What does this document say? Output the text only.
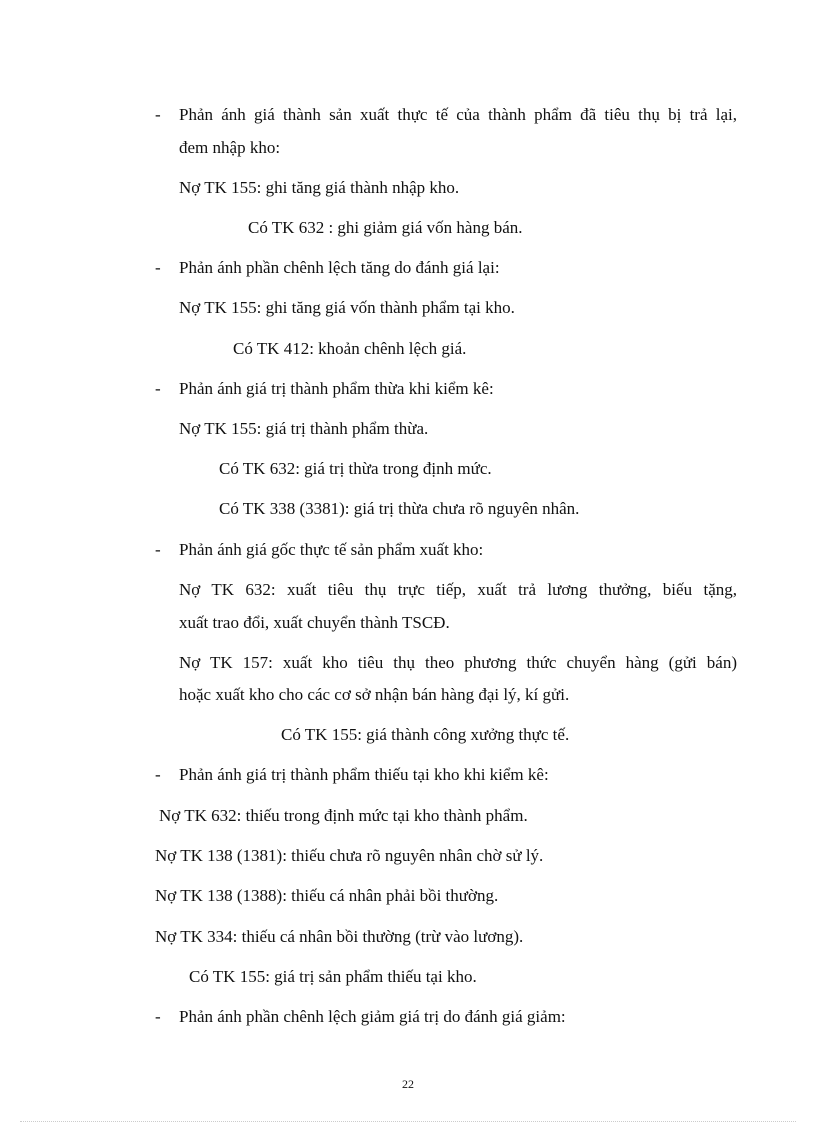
- Phản ánh giá thành sản xuất thực tế của thành phẩm đã tiêu thụ bị trả lại,
đem nhập kho:
Nợ TK 155: ghi tăng giá thành nhập kho.
Có TK 632 : ghi giảm giá vốn hàng bán.
- Phản ánh phần chênh lệch tăng do đánh giá lại:
Nợ TK 155: ghi tăng giá vốn thành phẩm tại kho.
Có TK 412: khoản chênh lệch giá.
- Phản ánh giá trị thành phẩm thừa khi kiểm kê:
Nợ TK 155: giá trị thành phẩm thừa.
Có TK 632: giá trị thừa trong định mức.
Có TK 338 (3381): giá trị thừa chưa rõ nguyên nhân.
- Phản ánh giá gốc thực tế sản phẩm xuất kho:
Nợ TK 632: xuất tiêu thụ trực tiếp, xuất trả lương thưởng, biếu tặng,
xuất trao đổi, xuất chuyển thành TSCĐ.
Nợ TK 157: xuất kho tiêu thụ theo phương thức chuyển hàng (gửi bán)
hoặc xuất kho cho các cơ sở nhận bán hàng đại lý, kí gửi.
Có TK 155: giá thành công xưởng thực tế.
- Phản ánh giá trị thành phẩm thiếu tại kho khi kiểm kê:
Nợ TK 632: thiếu trong định mức tại kho thành phẩm.
Nợ TK 138 (1381): thiếu chưa rõ nguyên nhân chờ sử lý.
Nợ TK 138 (1388): thiếu cá nhân phải bồi thường.
Nợ TK 334: thiếu cá nhân bồi thường (trừ vào lương).
Có TK 155: giá trị sản phẩm thiếu tại kho.
- Phản ánh phần chênh lệch giảm giá trị do đánh giá giảm:
22
